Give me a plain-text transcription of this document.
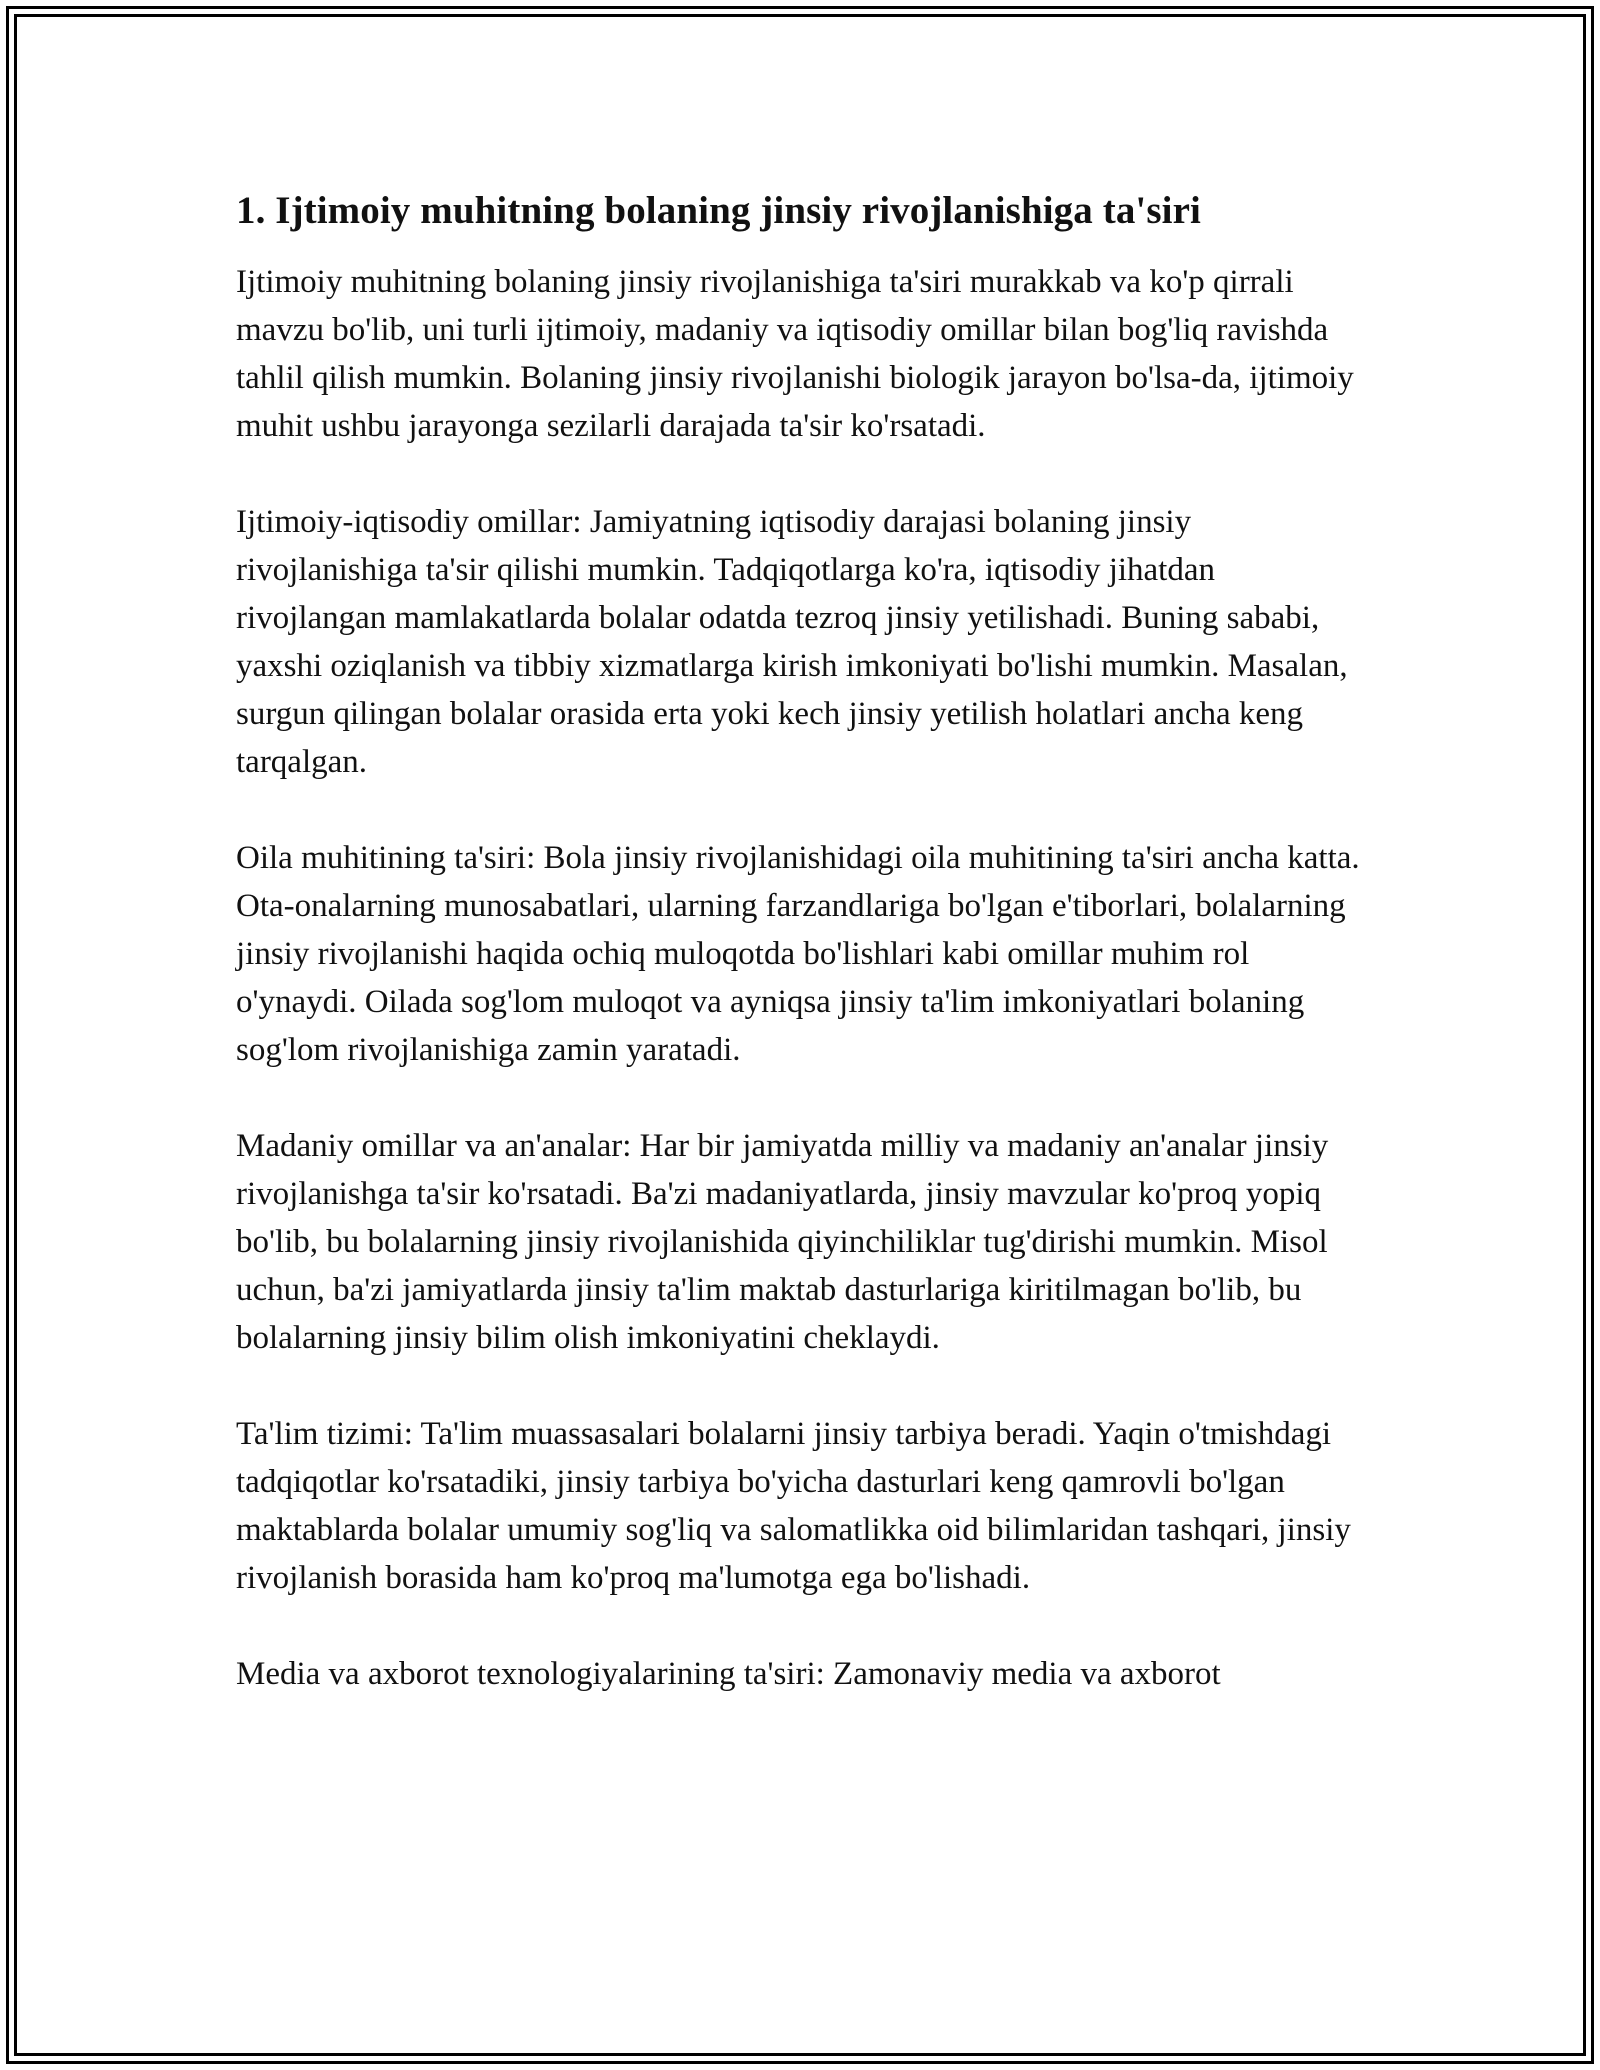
1. Ijtimoiy muhitning bolaning jinsiy rivojlanishiga ta'siri

Ijtimoiy muhitning bolaning jinsiy rivojlanishiga ta'siri murakkab va ko'p qirrali mavzu bo'lib, uni turli ijtimoiy, madaniy va iqtisodiy omillar bilan bog'liq ravishda tahlil qilish mumkin. Bolaning jinsiy rivojlanishi biologik jarayon bo'lsa-da, ijtimoiy muhit ushbu jarayonga sezilarli darajada ta'sir ko'rsatadi.

Ijtimoiy-iqtisodiy omillar: Jamiyatning iqtisodiy darajasi bolaning jinsiy rivojlanishiga ta'sir qilishi mumkin. Tadqiqotlarga ko'ra, iqtisodiy jihatdan rivojlangan mamlakatlarda bolalar odatda tezroq jinsiy yetilishadi. Buning sababi, yaxshi oziqlanish va tibbiy xizmatlarga kirish imkoniyati bo'lishi mumkin. Masalan, surgun qilingan bolalar orasida erta yoki kech jinsiy yetilish holatlari ancha keng tarqalgan.

Oila muhitining ta'siri: Bola jinsiy rivojlanishidagi oila muhitining ta'siri ancha katta. Ota-onalarning munosabatlari, ularning farzandlariga bo'lgan e'tiborlari, bolalarning jinsiy rivojlanishi haqida ochiq muloqotda bo'lishlari kabi omillar muhim rol o'ynaydi. Oilada sog'lom muloqot va ayniqsa jinsiy ta'lim imkoniyatlari bolaning sog'lom rivojlanishiga zamin yaratadi.

Madaniy omillar va an'analar: Har bir jamiyatda milliy va madaniy an'analar jinsiy rivojlanishga ta'sir ko'rsatadi. Ba'zi madaniyatlarda, jinsiy mavzular ko'proq yopiq bo'lib, bu bolalarning jinsiy rivojlanishida qiyinchiliklar tug'dirishi mumkin. Misol uchun, ba'zi jamiyatlarda jinsiy ta'lim maktab dasturlariga kiritilmagan bo'lib, bu bolalarning jinsiy bilim olish imkoniyatini cheklaydi.

Ta'lim tizimi: Ta'lim muassasalari bolalarni jinsiy tarbiya beradi. Yaqin o'tmishdagi tadqiqotlar ko'rsatadiki, jinsiy tarbiya bo'yicha dasturlari keng qamrovli bo'lgan maktablarda bolalar umumiy sog'liq va salomatlikka oid bilimlaridan tashqari, jinsiy rivojlanish borasida ham ko'proq ma'lumotga ega bo'lishadi.

Media va axborot texnologiyalarining ta'siri: Zamonaviy media va axborot
